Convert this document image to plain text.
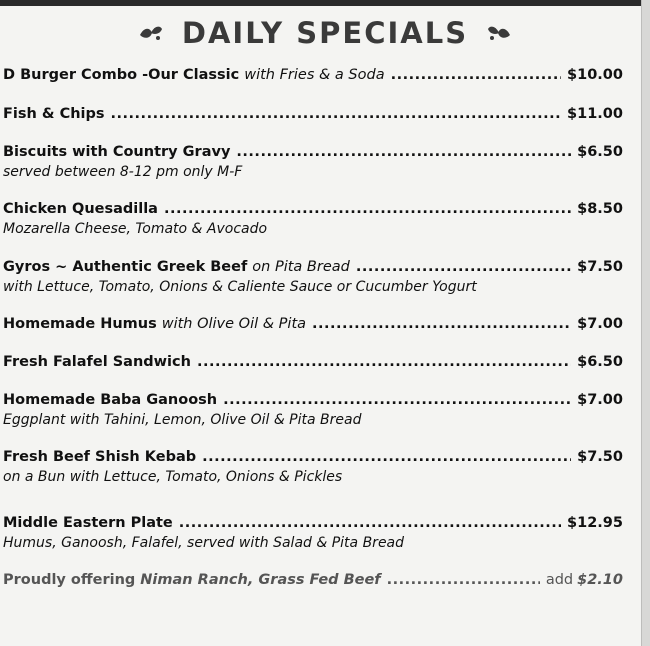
DAILY SPECIALS
D Burger Combo -Our Classic with Fries & a Soda .....	$10.00
Fish & Chips .....	$11.00
Biscuits with Country Gravy .....	$6.50
served between 8-12 pm only M-F
Chicken Quesadilla .....	$8.50
Mozarella Cheese, Tomato & Avocado
Gyros ~ Authentic Greek Beef on Pita Bread .....	$7.50
with Lettuce, Tomato, Onions & Caliente Sauce or Cucumber Yogurt
Homemade Humus with Olive Oil & Pita .....	$7.00
Fresh Falafel Sandwich .....	$6.50
Homemade Baba Ganoosh .....	$7.00
Eggplant with Tahini, Lemon, Olive Oil & Pita Bread
Fresh Beef Shish Kebab .....	$7.50
on a Bun with Lettuce, Tomato, Onions & Pickles
Middle Eastern Plate .....	$12.95
Humus, Ganoosh, Falafel, served with Salad & Pita Bread
Proudly offering Niman Ranch, Grass Fed Beef .....	add $2.10
